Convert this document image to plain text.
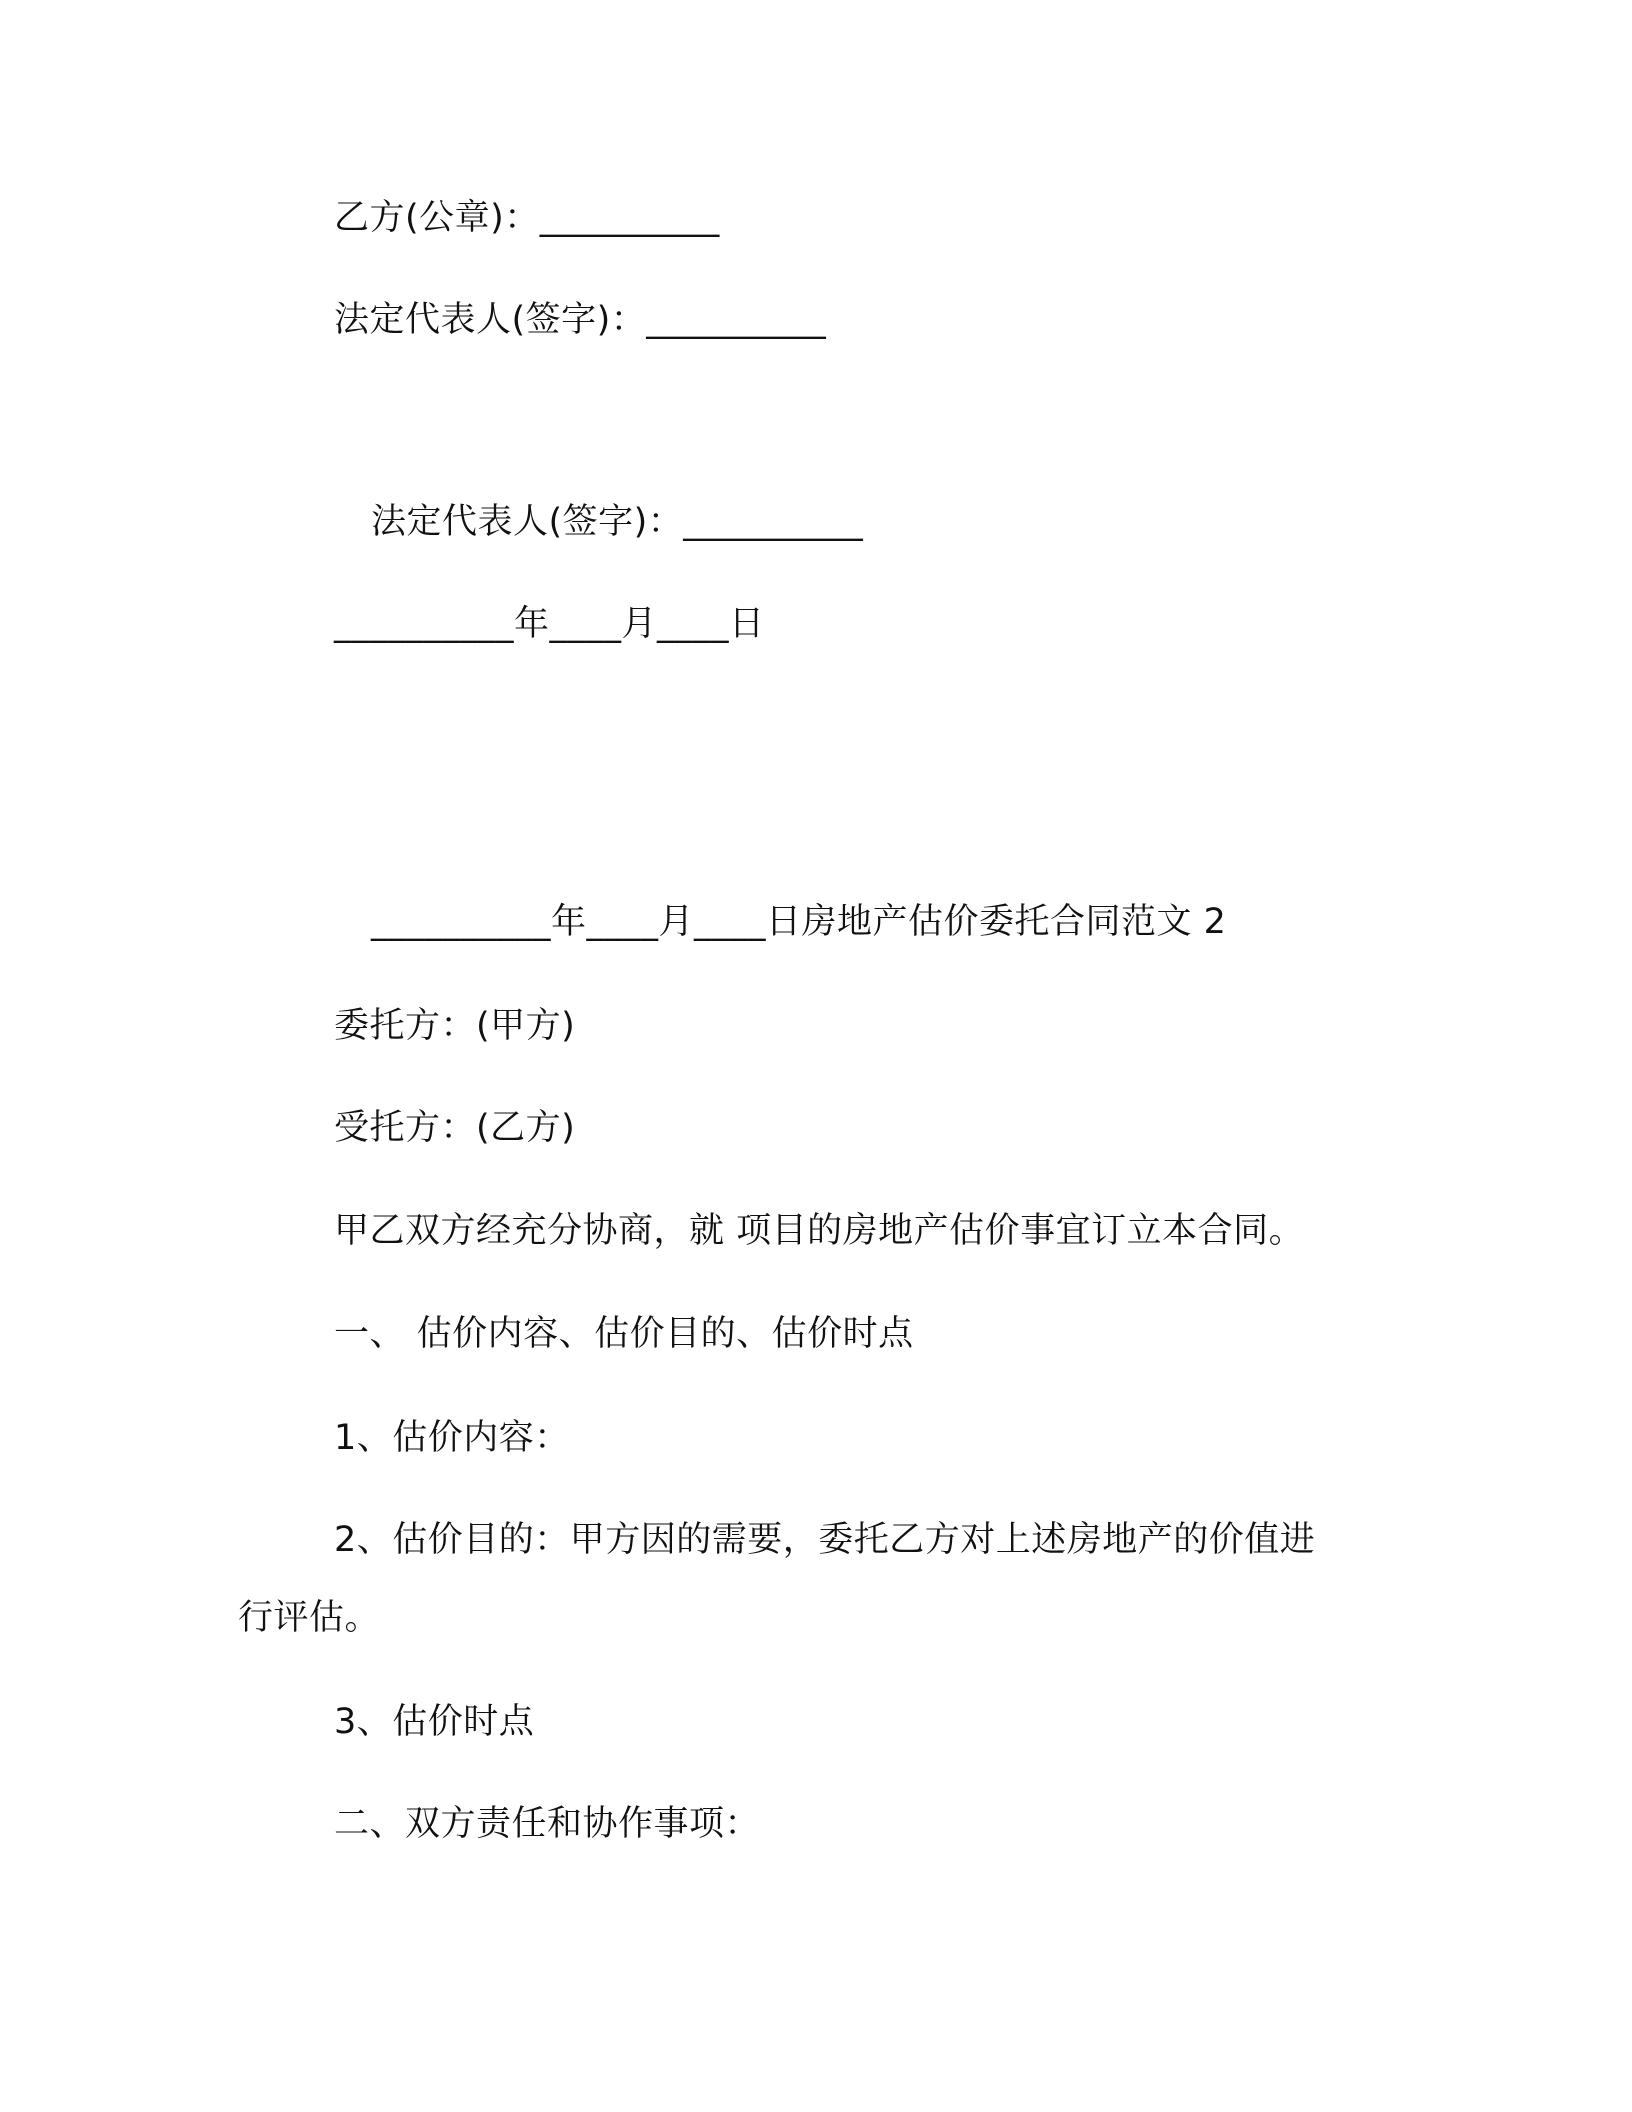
乙方(公章)：__________
法定代表人(签字)：__________
法定代表人(签字)：__________
__________年____月____日
__________年____月____日房地产估价委托合同范文 2
委托方：(甲方)
受托方：(乙方)
甲乙双方经充分协商，就 项目的房地产估价事宜订立本合同。
一、 估价内容、估价目的、估价时点
1、估价内容：
2、估价目的：甲方因的需要，委托乙方对上述房地产的价值进
行评估。
3、估价时点
二、双方责任和协作事项：
